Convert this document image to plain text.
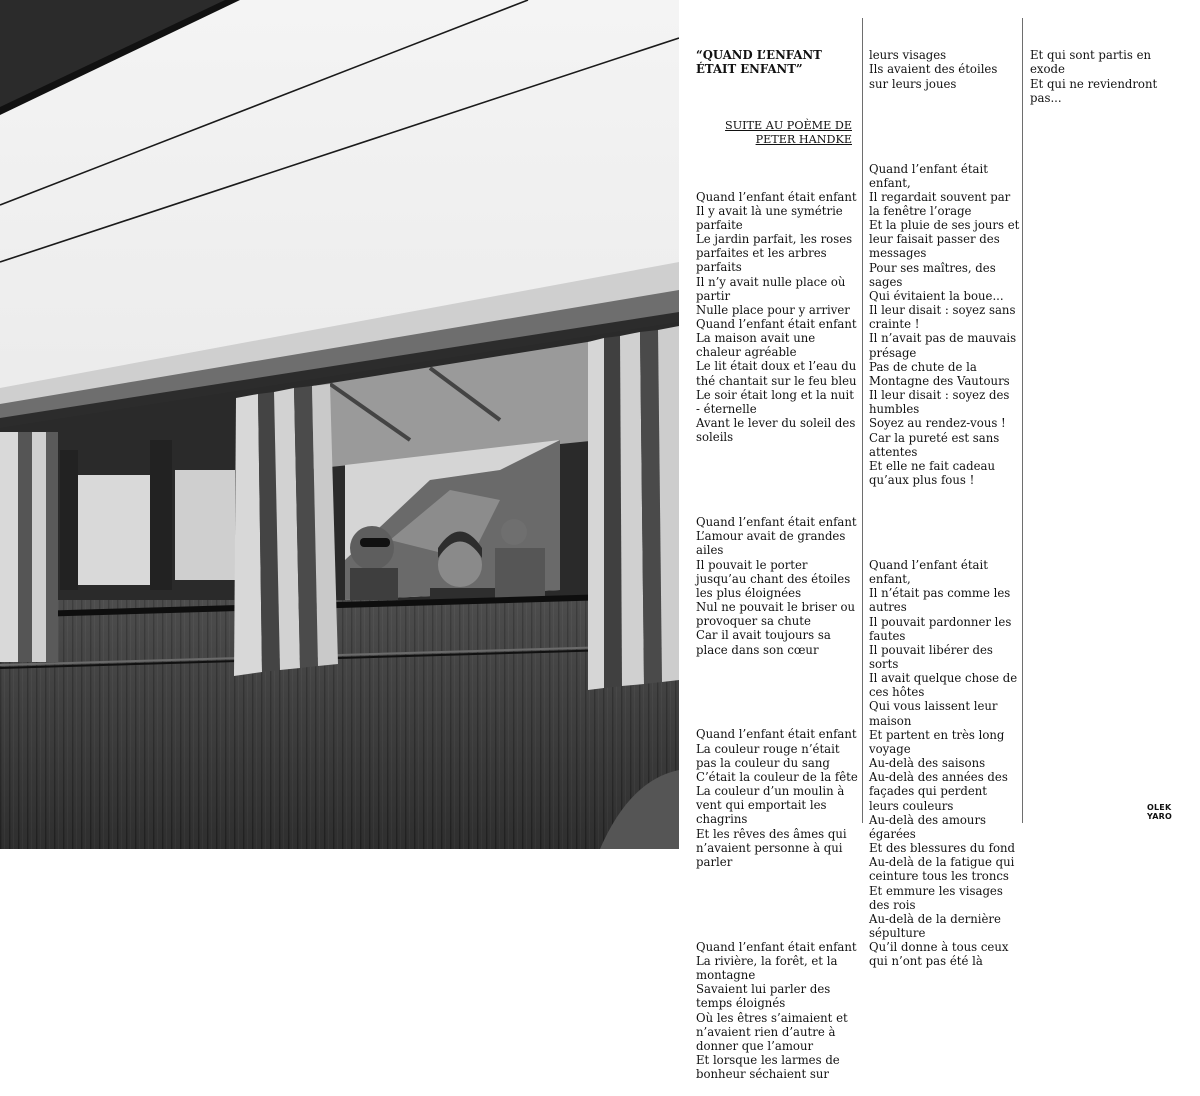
“QUAND L’ENFANT
ÉTAIT ENFANT”

SUITE AU POÈME DE
PETER HANDKE

Quand l’enfant était enfant
Il y avait là une symétrie
parfaite
Le jardin parfait, les roses
parfaites et les arbres
parfaits
Il n’y avait nulle place où
partir
Nulle place pour y arriver
Quand l’enfant était enfant
La maison avait une
chaleur agréable
Le lit était doux et l’eau du
thé chantait sur le feu bleu
Le soir était long et la nuit
- éternelle
Avant le lever du soleil des
soleils

Quand l’enfant était enfant
L’amour avait de grandes
ailes
Il pouvait le porter
jusqu’au chant des étoiles
les plus éloignées
Nul ne pouvait le briser ou
provoquer sa chute
Car il avait toujours sa
place dans son cœur

Quand l’enfant était enfant
La couleur rouge n’était
pas la couleur du sang
C’était la couleur de la fête
La couleur d’un moulin à
vent qui emportait les
chagrins
Et les rêves des âmes qui
n’avaient personne à qui
parler

Quand l’enfant était enfant
La rivière, la forêt, et la
montagne
Savaient lui parler des
temps éloignés
Où les êtres s’aimaient et
n’avaient rien d’autre à
donner que l’amour
Et lorsque les larmes de
bonheur séchaient sur

leurs visages
Ils avaient des étoiles
sur leurs joues

Quand l’enfant était
enfant,
Il regardait souvent par
la fenêtre l’orage
Et la pluie de ses jours et
leur faisait passer des
messages
Pour ses maîtres, des
sages
Qui évitaient la boue...
Il leur disait : soyez sans
crainte !
Il n’avait pas de mauvais
présage
Pas de chute de la
Montagne des Vautours
Il leur disait : soyez des
humbles
Soyez au rendez-vous !
Car la pureté est sans
attentes
Et elle ne fait cadeau
qu’aux plus fous !

Quand l’enfant était
enfant,
Il n’était pas comme les
autres
Il pouvait pardonner les
fautes
Il pouvait libérer des
sorts
Il avait quelque chose de
ces hôtes
Qui vous laissent leur
maison
Et partent en très long
voyage
Au-delà des saisons
Au-delà des années des
façades qui perdent
leurs couleurs
Au-delà des amours
égarées
Et des blessures du fond
Au-delà de la fatigue qui
ceinture tous les troncs
Et emmure les visages
des rois
Au-delà de la dernière
sépulture
Qu’il donne à tous ceux
qui n’ont pas été là

Et qui sont partis en
exode
Et qui ne reviendront
pas...

OLEK
YARO
